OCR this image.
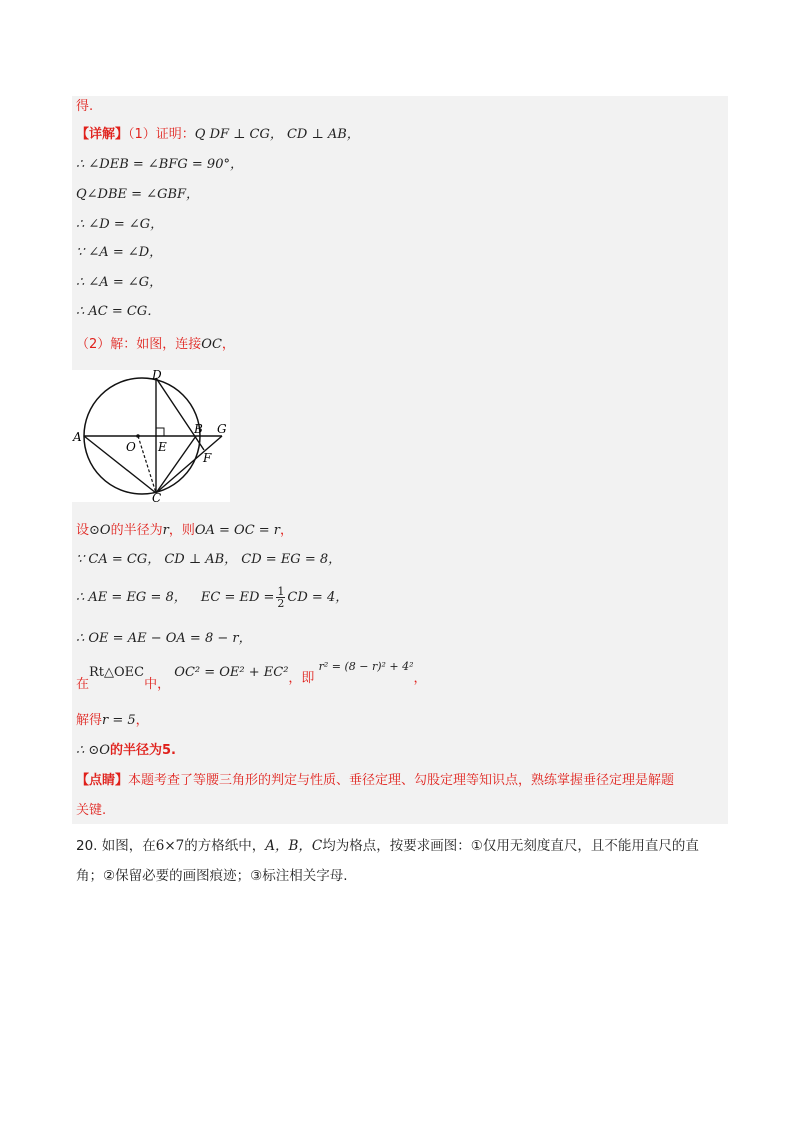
得.
【详解】（1）证明：Q DF ⊥ CG， CD ⊥ AB，
∴ ∠DEB = ∠BFG = 90°，
Q∠DBE = ∠GBF，
∴ ∠D = ∠G，
∵ ∠A = ∠D，
∴ ∠A = ∠G，
∴ AC = CG．
（2）解：如图，连接OC，
D
A
O E
B G
F
C
设⊙O的半径为r，则OA = OC = r，
∵ CA = CG， CD ⊥ AB， CD = EG = 8，
∴ AE = EG = 8， EC = ED = $\frac{1}{2}$ CD = 4，
∴ OE = AE − OA = 8 − r，
在Rt△OEC中， OC² = OE² + EC²，即 $^{r^2 = (8 - r)^2 + 4^2}$，
解得r = 5，
∴ ⊙O的半径为5.
【点睛】本题考查了等腰三角形的判定与性质、垂径定理、勾股定理等知识点，熟练掌握垂径定理是解题
关键.
20. 如图，在6×7的方格纸中，A，B，C均为格点，按要求画图：①仅用无刻度直尺，且不能用直尺的直
角；②保留必要的画图痕迹；③标注相关字母.
